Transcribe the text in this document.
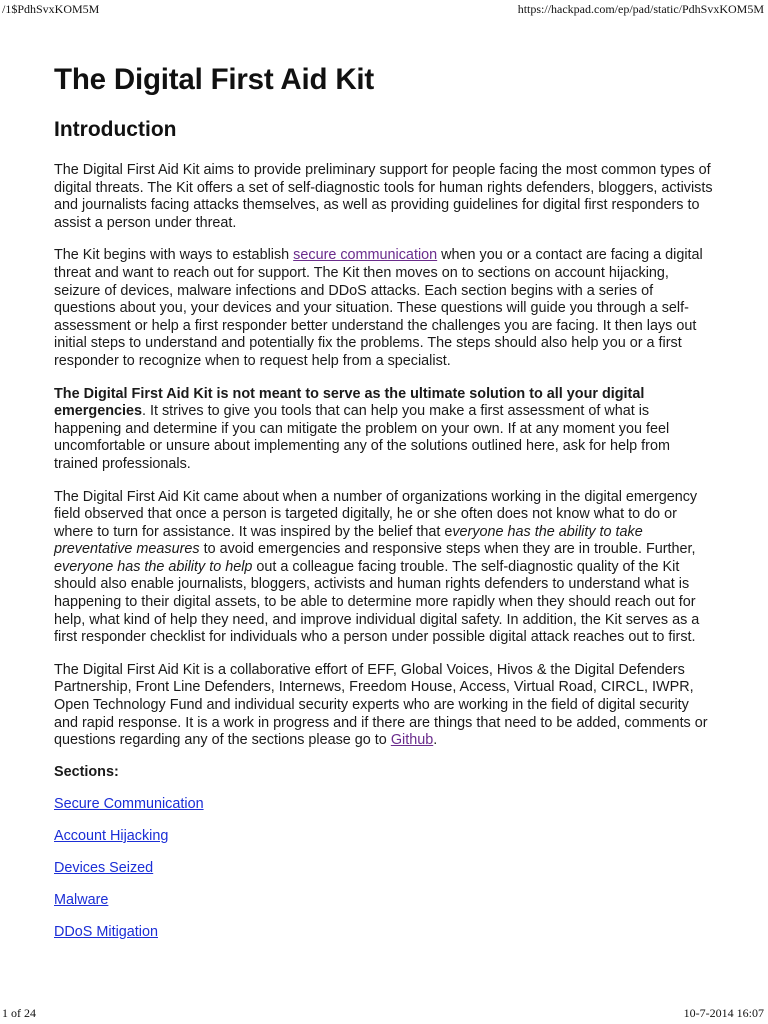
/1$PdhSvxKOM5M	https://hackpad.com/ep/pad/static/PdhSvxKOM5M
The Digital First Aid Kit
Introduction

The Digital First Aid Kit aims to provide preliminary support for people facing the most common types of digital threats. The Kit offers a set of self-diagnostic tools for human rights defenders, bloggers, activists and journalists facing attacks themselves, as well as providing guidelines for digital first responders to assist a person under threat.

The Kit begins with ways to establish secure communication when you or a contact are facing a digital threat and want to reach out for support. The Kit then moves on to sections on account hijacking, seizure of devices, malware infections and DDoS attacks. Each section begins with a series of questions about you, your devices and your situation. These questions will guide you through a self-assessment or help a first responder better understand the challenges you are facing. It then lays out initial steps to understand and potentially fix the problems. The steps should also help you or a first responder to recognize when to request help from a specialist.

The Digital First Aid Kit is not meant to serve as the ultimate solution to all your digital emergencies. It strives to give you tools that can help you make a first assessment of what is happening and determine if you can mitigate the problem on your own. If at any moment you feel uncomfortable or unsure about implementing any of the solutions outlined here, ask for help from trained professionals.

The Digital First Aid Kit came about when a number of organizations working in the digital emergency field observed that once a person is targeted digitally, he or she often does not know what to do or where to turn for assistance. It was inspired by the belief that everyone has the ability to take preventative measures to avoid emergencies and responsive steps when they are in trouble. Further, everyone has the ability to help out a colleague facing trouble. The self-diagnostic quality of the Kit should also enable journalists, bloggers, activists and human rights defenders to understand what is happening to their digital assets, to be able to determine more rapidly when they should reach out for help, what kind of help they need, and improve individual digital safety. In addition, the Kit serves as a first responder checklist for individuals who a person under possible digital attack reaches out to first.

The Digital First Aid Kit is a collaborative effort of EFF, Global Voices, Hivos & the Digital Defenders Partnership, Front Line Defenders, Internews, Freedom House, Access, Virtual Road, CIRCL, IWPR, Open Technology Fund and individual security experts who are working in the field of digital security and rapid response. It is a work in progress and if there are things that need to be added, comments or questions regarding any of the sections please go to Github.

Sections:
Secure Communication
Account Hijacking
Devices Seized
Malware
DDoS Mitigation
1 of 24	10-7-2014 16:07
